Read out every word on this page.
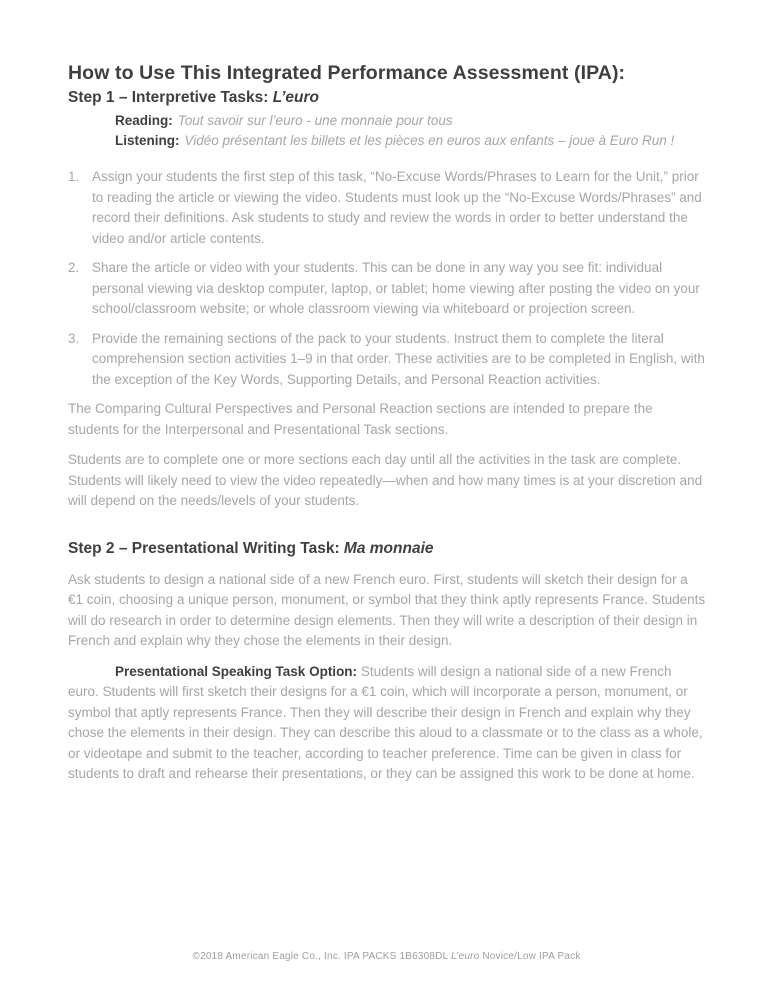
How to Use This Integrated Performance Assessment (IPA):
Step 1 – Interpretive Tasks: L’euro
Reading: Tout savoir sur l’euro - une monnaie pour tous
Listening: Vidéo présentant les billets et les pièces en euros aux enfants – joue à Euro Run !
1. Assign your students the first step of this task, “No-Excuse Words/Phrases to Learn for the Unit,” prior to reading the article or viewing the video. Students must look up the “No-Excuse Words/Phrases” and record their definitions. Ask students to study and review the words in order to better understand the video and/or article contents.
2. Share the article or video with your students. This can be done in any way you see fit: individual personal viewing via desktop computer, laptop, or tablet; home viewing after posting the video on your school/classroom website; or whole classroom viewing via whiteboard or projection screen.
3. Provide the remaining sections of the pack to your students. Instruct them to complete the literal comprehension section activities 1–9 in that order. These activities are to be completed in English, with the exception of the Key Words, Supporting Details, and Personal Reaction activities.

The Comparing Cultural Perspectives and Personal Reaction sections are intended to prepare the students for the Interpersonal and Presentational Task sections.

Students are to complete one or more sections each day until all the activities in the task are complete. Students will likely need to view the video repeatedly—when and how many times is at your discretion and will depend on the needs/levels of your students.

Step 2 – Presentational Writing Task: Ma monnaie

Ask students to design a national side of a new French euro. First, students will sketch their design for a €1 coin, choosing a unique person, monument, or symbol that they think aptly represents France. Students will do research in order to determine design elements. Then they will write a description of their design in French and explain why they chose the elements in their design.

Presentational Speaking Task Option: Students will design a national side of a new French euro. Students will first sketch their designs for a €1 coin, which will incorporate a person, monument, or symbol that aptly represents France. Then they will describe their design in French and explain why they chose the elements in their design. They can describe this aloud to a classmate or to the class as a whole, or videotape and submit to the teacher, according to teacher preference. Time can be given in class for students to draft and rehearse their presentations, or they can be assigned this work to be done at home.

©2018 American Eagle Co., Inc. IPA PACKS 1B6308DL L’euro Novice/Low IPA Pack
